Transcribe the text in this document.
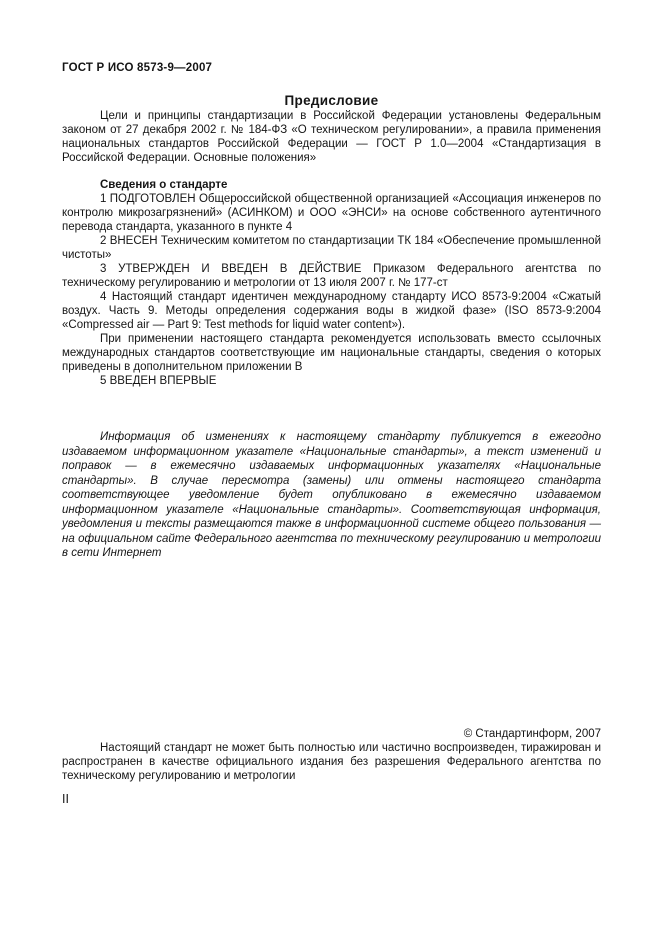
ГОСТ Р ИСО 8573-9—2007
Предисловие

Цели и принципы стандартизации в Российской Федерации установлены Федеральным законом от 27 декабря 2002 г. № 184-ФЗ «О техническом регулировании», а правила применения национальных стандартов Российской Федерации — ГОСТ Р 1.0—2004 «Стандартизация в Российской Федерации. Основные положения»

Сведения о стандарте

1 ПОДГОТОВЛЕН Общероссийской общественной организацией «Ассоциация инженеров по контролю микрозагрязнений» (АСИНКОМ) и ООО «ЭНСИ» на основе собственного аутентичного перевода стандарта, указанного в пункте 4

2 ВНЕСЕН Техническим комитетом по стандартизации ТК 184 «Обеспечение промышленной чистоты»

3 УТВЕРЖДЕН И ВВЕДЕН В ДЕЙСТВИЕ Приказом Федерального агентства по техническому регулированию и метрологии от 13 июля 2007 г. № 177-ст

4 Настоящий стандарт идентичен международному стандарту ИСО 8573-9:2004 «Сжатый воздух. Часть 9. Методы определения содержания воды в жидкой фазе» (ISO 8573-9:2004 «Compressed air — Part 9: Test methods for liquid water content»).

При применении настоящего стандарта рекомендуется использовать вместо ссылочных международных стандартов соответствующие им национальные стандарты, сведения о которых приведены в дополнительном приложении В

5 ВВЕДЕН ВПЕРВЫЕ

Информация об изменениях к настоящему стандарту публикуется в ежегодно издаваемом информационном указателе «Национальные стандарты», а текст изменений и поправок — в ежемесячно издаваемых информационных указателях «Национальные стандарты». В случае пересмотра (замены) или отмены настоящего стандарта соответствующее уведомление будет опубликовано в ежемесячно издаваемом информационном указателе «Национальные стандарты». Соответствующая информация, уведомления и тексты размещаются также в информационной системе общего пользования — на официальном сайте Федерального агентства по техническому регулированию и метрологии в сети Интернет

© Стандартинформ, 2007

Настоящий стандарт не может быть полностью или частично воспроизведен, тиражирован и распространен в качестве официального издания без разрешения Федерального агентства по техническому регулированию и метрологии

II
